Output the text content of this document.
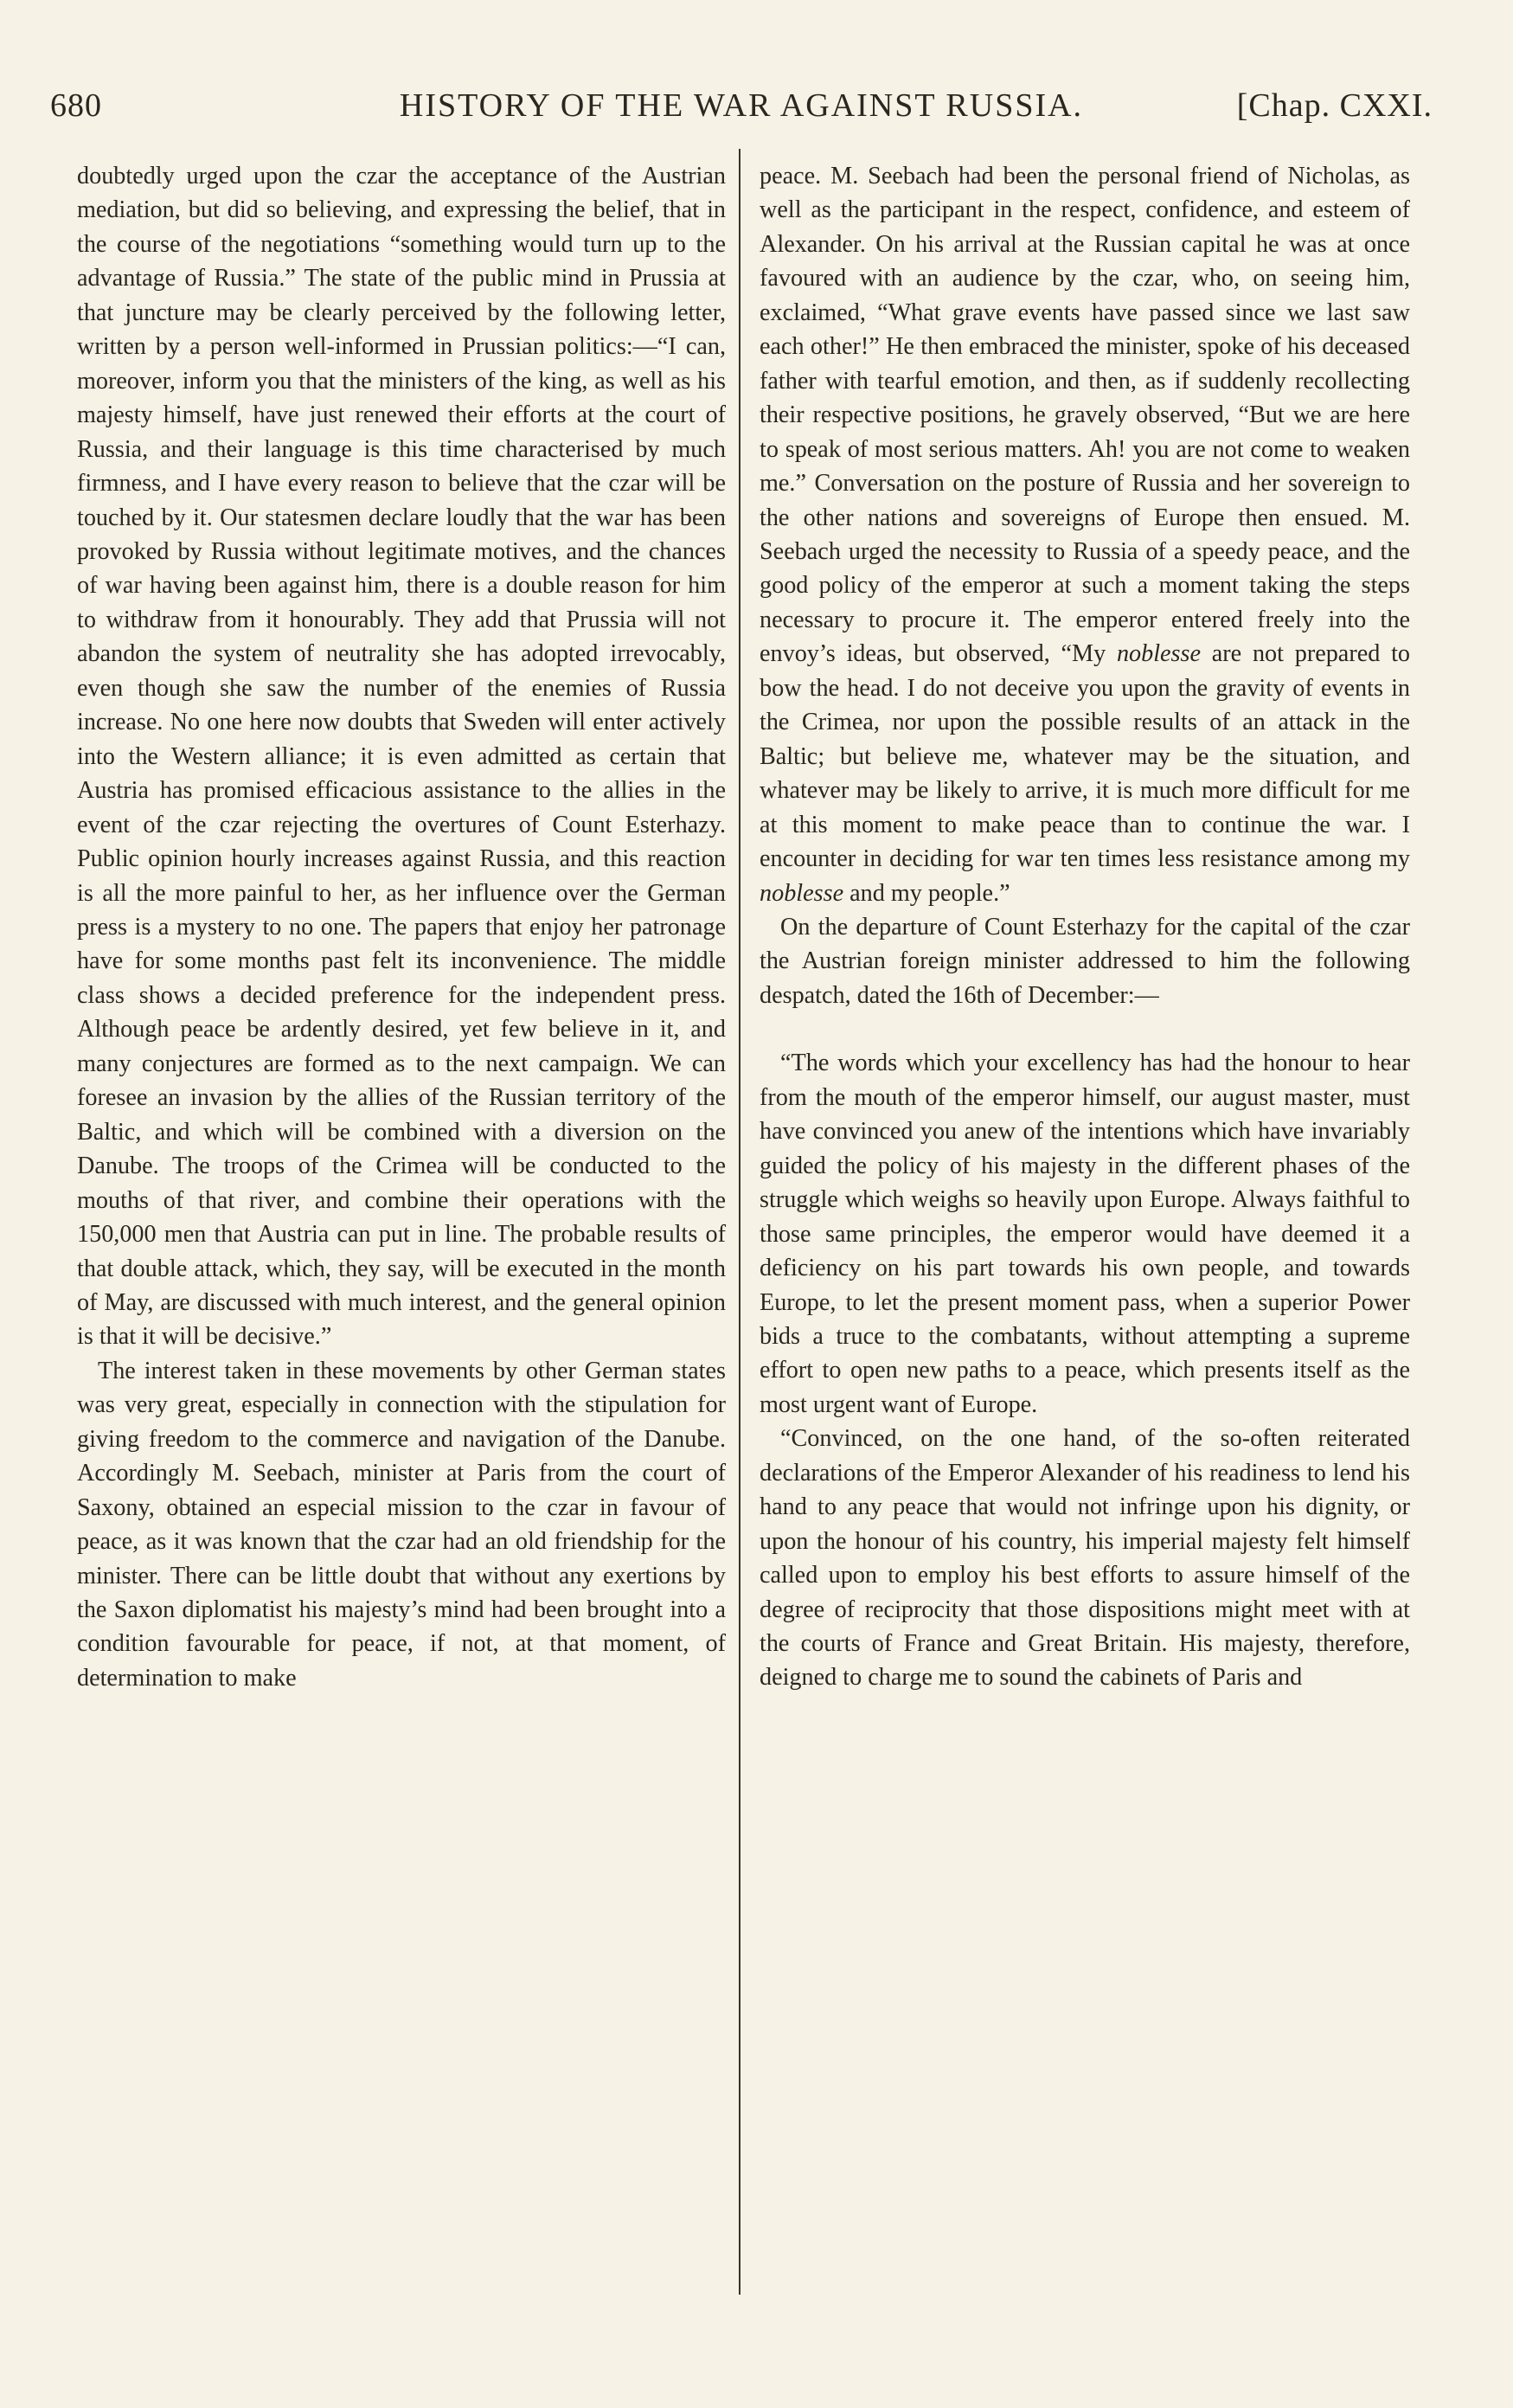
680	HISTORY OF THE WAR AGAINST RUSSIA.	[Chap. CXXI.

doubtedly urged upon the czar the acceptance of the Austrian mediation, but did so believing, and expressing the belief, that in the course of the negotiations “something would turn up to the advantage of Russia.” The state of the public mind in Prussia at that juncture may be clearly perceived by the following letter, written by a person well-informed in Prussian politics:—“I can, moreover, inform you that the ministers of the king, as well as his majesty himself, have just renewed their efforts at the court of Russia, and their language is this time characterised by much firmness, and I have every reason to believe that the czar will be touched by it. Our statesmen declare loudly that the war has been provoked by Russia without legitimate motives, and the chances of war having been against him, there is a double reason for him to withdraw from it honourably. They add that Prussia will not abandon the system of neutrality she has adopted irrevocably, even though she saw the number of the enemies of Russia increase. No one here now doubts that Sweden will enter actively into the Western alliance; it is even admitted as certain that Austria has promised efficacious assistance to the allies in the event of the czar rejecting the overtures of Count Esterhazy. Public opinion hourly increases against Russia, and this reaction is all the more painful to her, as her influence over the German press is a mystery to no one. The papers that enjoy her patronage have for some months past felt its inconvenience. The middle class shows a decided preference for the independent press. Although peace be ardently desired, yet few believe in it, and many conjectures are formed as to the next campaign. We can foresee an invasion by the allies of the Russian territory of the Baltic, and which will be combined with a diversion on the Danube. The troops of the Crimea will be conducted to the mouths of that river, and combine their operations with the 150,000 men that Austria can put in line. The probable results of that double attack, which, they say, will be executed in the month of May, are discussed with much interest, and the general opinion is that it will be decisive.”

The interest taken in these movements by other German states was very great, especially in connection with the stipulation for giving freedom to the commerce and navigation of the Danube. Accordingly M. Seebach, minister at Paris from the court of Saxony, obtained an especial mission to the czar in favour of peace, as it was known that the czar had an old friendship for the minister. There can be little doubt that without any exertions by the Saxon diplomatist his majesty’s mind had been brought into a condition favourable for peace, if not, at that moment, of determination to make

peace. M. Seebach had been the personal friend of Nicholas, as well as the participant in the respect, confidence, and esteem of Alexander. On his arrival at the Russian capital he was at once favoured with an audience by the czar, who, on seeing him, exclaimed, “What grave events have passed since we last saw each other!” He then embraced the minister, spoke of his deceased father with tearful emotion, and then, as if suddenly recollecting their respective positions, he gravely observed, “But we are here to speak of most serious matters. Ah! you are not come to weaken me.” Conversation on the posture of Russia and her sovereign to the other nations and sovereigns of Europe then ensued. M. Seebach urged the necessity to Russia of a speedy peace, and the good policy of the emperor at such a moment taking the steps necessary to procure it. The emperor entered freely into the envoy’s ideas, but observed, “My noblesse are not prepared to bow the head. I do not deceive you upon the gravity of events in the Crimea, nor upon the possible results of an attack in the Baltic; but believe me, whatever may be the situation, and whatever may be likely to arrive, it is much more difficult for me at this moment to make peace than to continue the war. I encounter in deciding for war ten times less resistance among my noblesse and my people.”

On the departure of Count Esterhazy for the capital of the czar the Austrian foreign minister addressed to him the following despatch, dated the 16th of December:—

“The words which your excellency has had the honour to hear from the mouth of the emperor himself, our august master, must have convinced you anew of the intentions which have invariably guided the policy of his majesty in the different phases of the struggle which weighs so heavily upon Europe. Always faithful to those same principles, the emperor would have deemed it a deficiency on his part towards his own people, and towards Europe, to let the present moment pass, when a superior Power bids a truce to the combatants, without attempting a supreme effort to open new paths to a peace, which presents itself as the most urgent want of Europe.

“Convinced, on the one hand, of the so-often reiterated declarations of the Emperor Alexander of his readiness to lend his hand to any peace that would not infringe upon his dignity, or upon the honour of his country, his imperial majesty felt himself called upon to employ his best efforts to assure himself of the degree of reciprocity that those dispositions might meet with at the courts of France and Great Britain. His majesty, therefore, deigned to charge me to sound the cabinets of Paris and
